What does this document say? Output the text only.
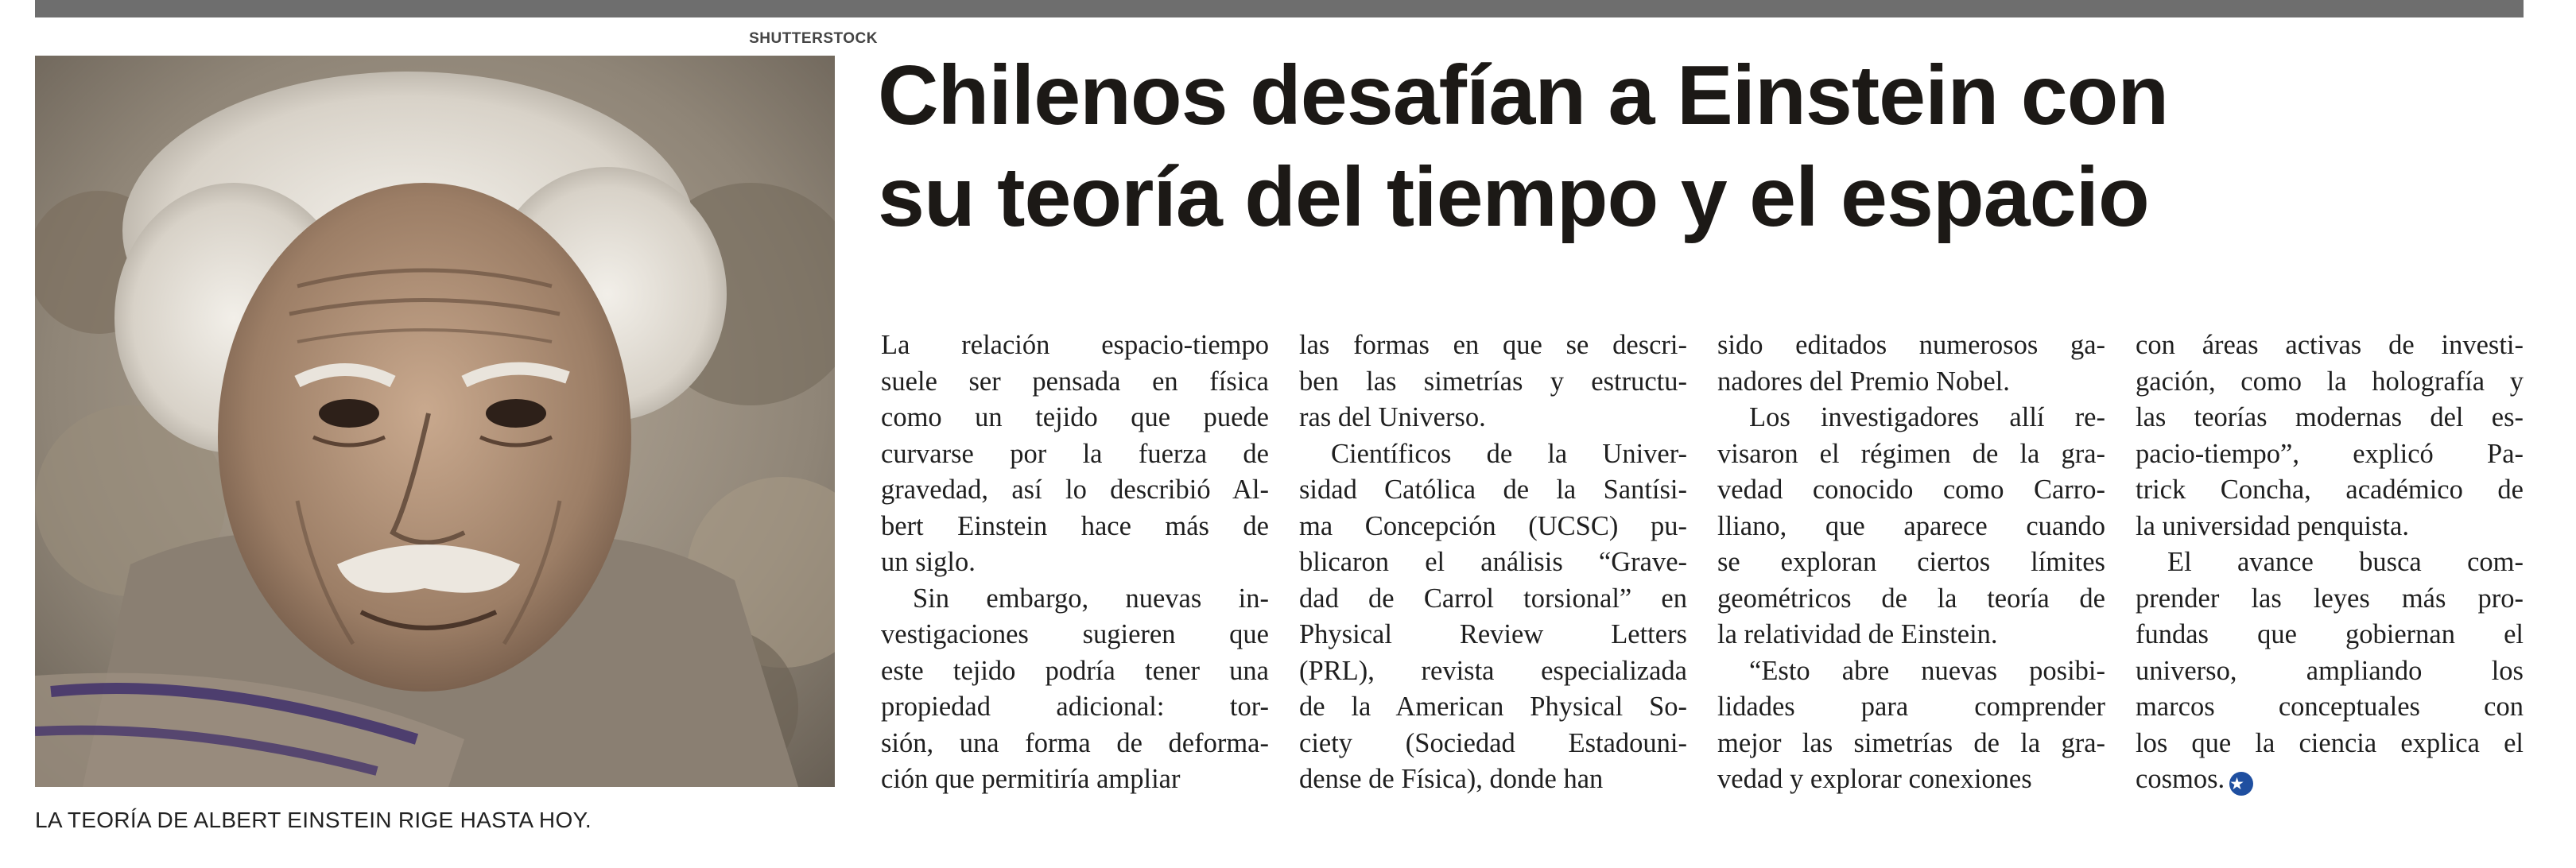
SHUTTERSTOCK
LA TEORÍA DE ALBERT EINSTEIN RIGE HASTA HOY.
Chilenos desafían a Einstein con
su teoría del tiempo y el espacio

La relación espacio-tiempo
suele ser pensada en física
como un tejido que puede
curvarse por la fuerza de
gravedad, así lo describió Al-
bert Einstein hace más de
un siglo.

Sin embargo, nuevas in-
vestigaciones sugieren que
este tejido podría tener una
propiedad adicional: tor-
sión, una forma de deforma-
ción que permitiría ampliar

las formas en que se descri-
ben las simetrías y estructu-
ras del Universo.

Científicos de la Univer-
sidad Católica de la Santísi-
ma Concepción (UCSC) pu-
blicaron el análisis “Grave-
dad de Carrol torsional” en
Physical Review Letters
(PRL), revista especializada
de la American Physical So-
ciety (Sociedad Estadouni-
dense de Física), donde han

sido editados numerosos ga-
nadores del Premio Nobel.

Los investigadores allí re-
visaron el régimen de la gra-
vedad conocido como Carro-
lliano, que aparece cuando
se exploran ciertos límites
geométricos de la teoría de
la relatividad de Einstein.

“Esto abre nuevas posibi-
lidades para comprender
mejor las simetrías de la gra-
vedad y explorar conexiones

con áreas activas de investi-
gación, como la holografía y
las teorías modernas del es-
pacio-tiempo”, explicó Pa-
trick Concha, académico de
la universidad penquista.

El avance busca com-
prender las leyes más pro-
fundas que gobiernan el
universo, ampliando los
marcos conceptuales con
los que la ciencia explica el
cosmos. ★
